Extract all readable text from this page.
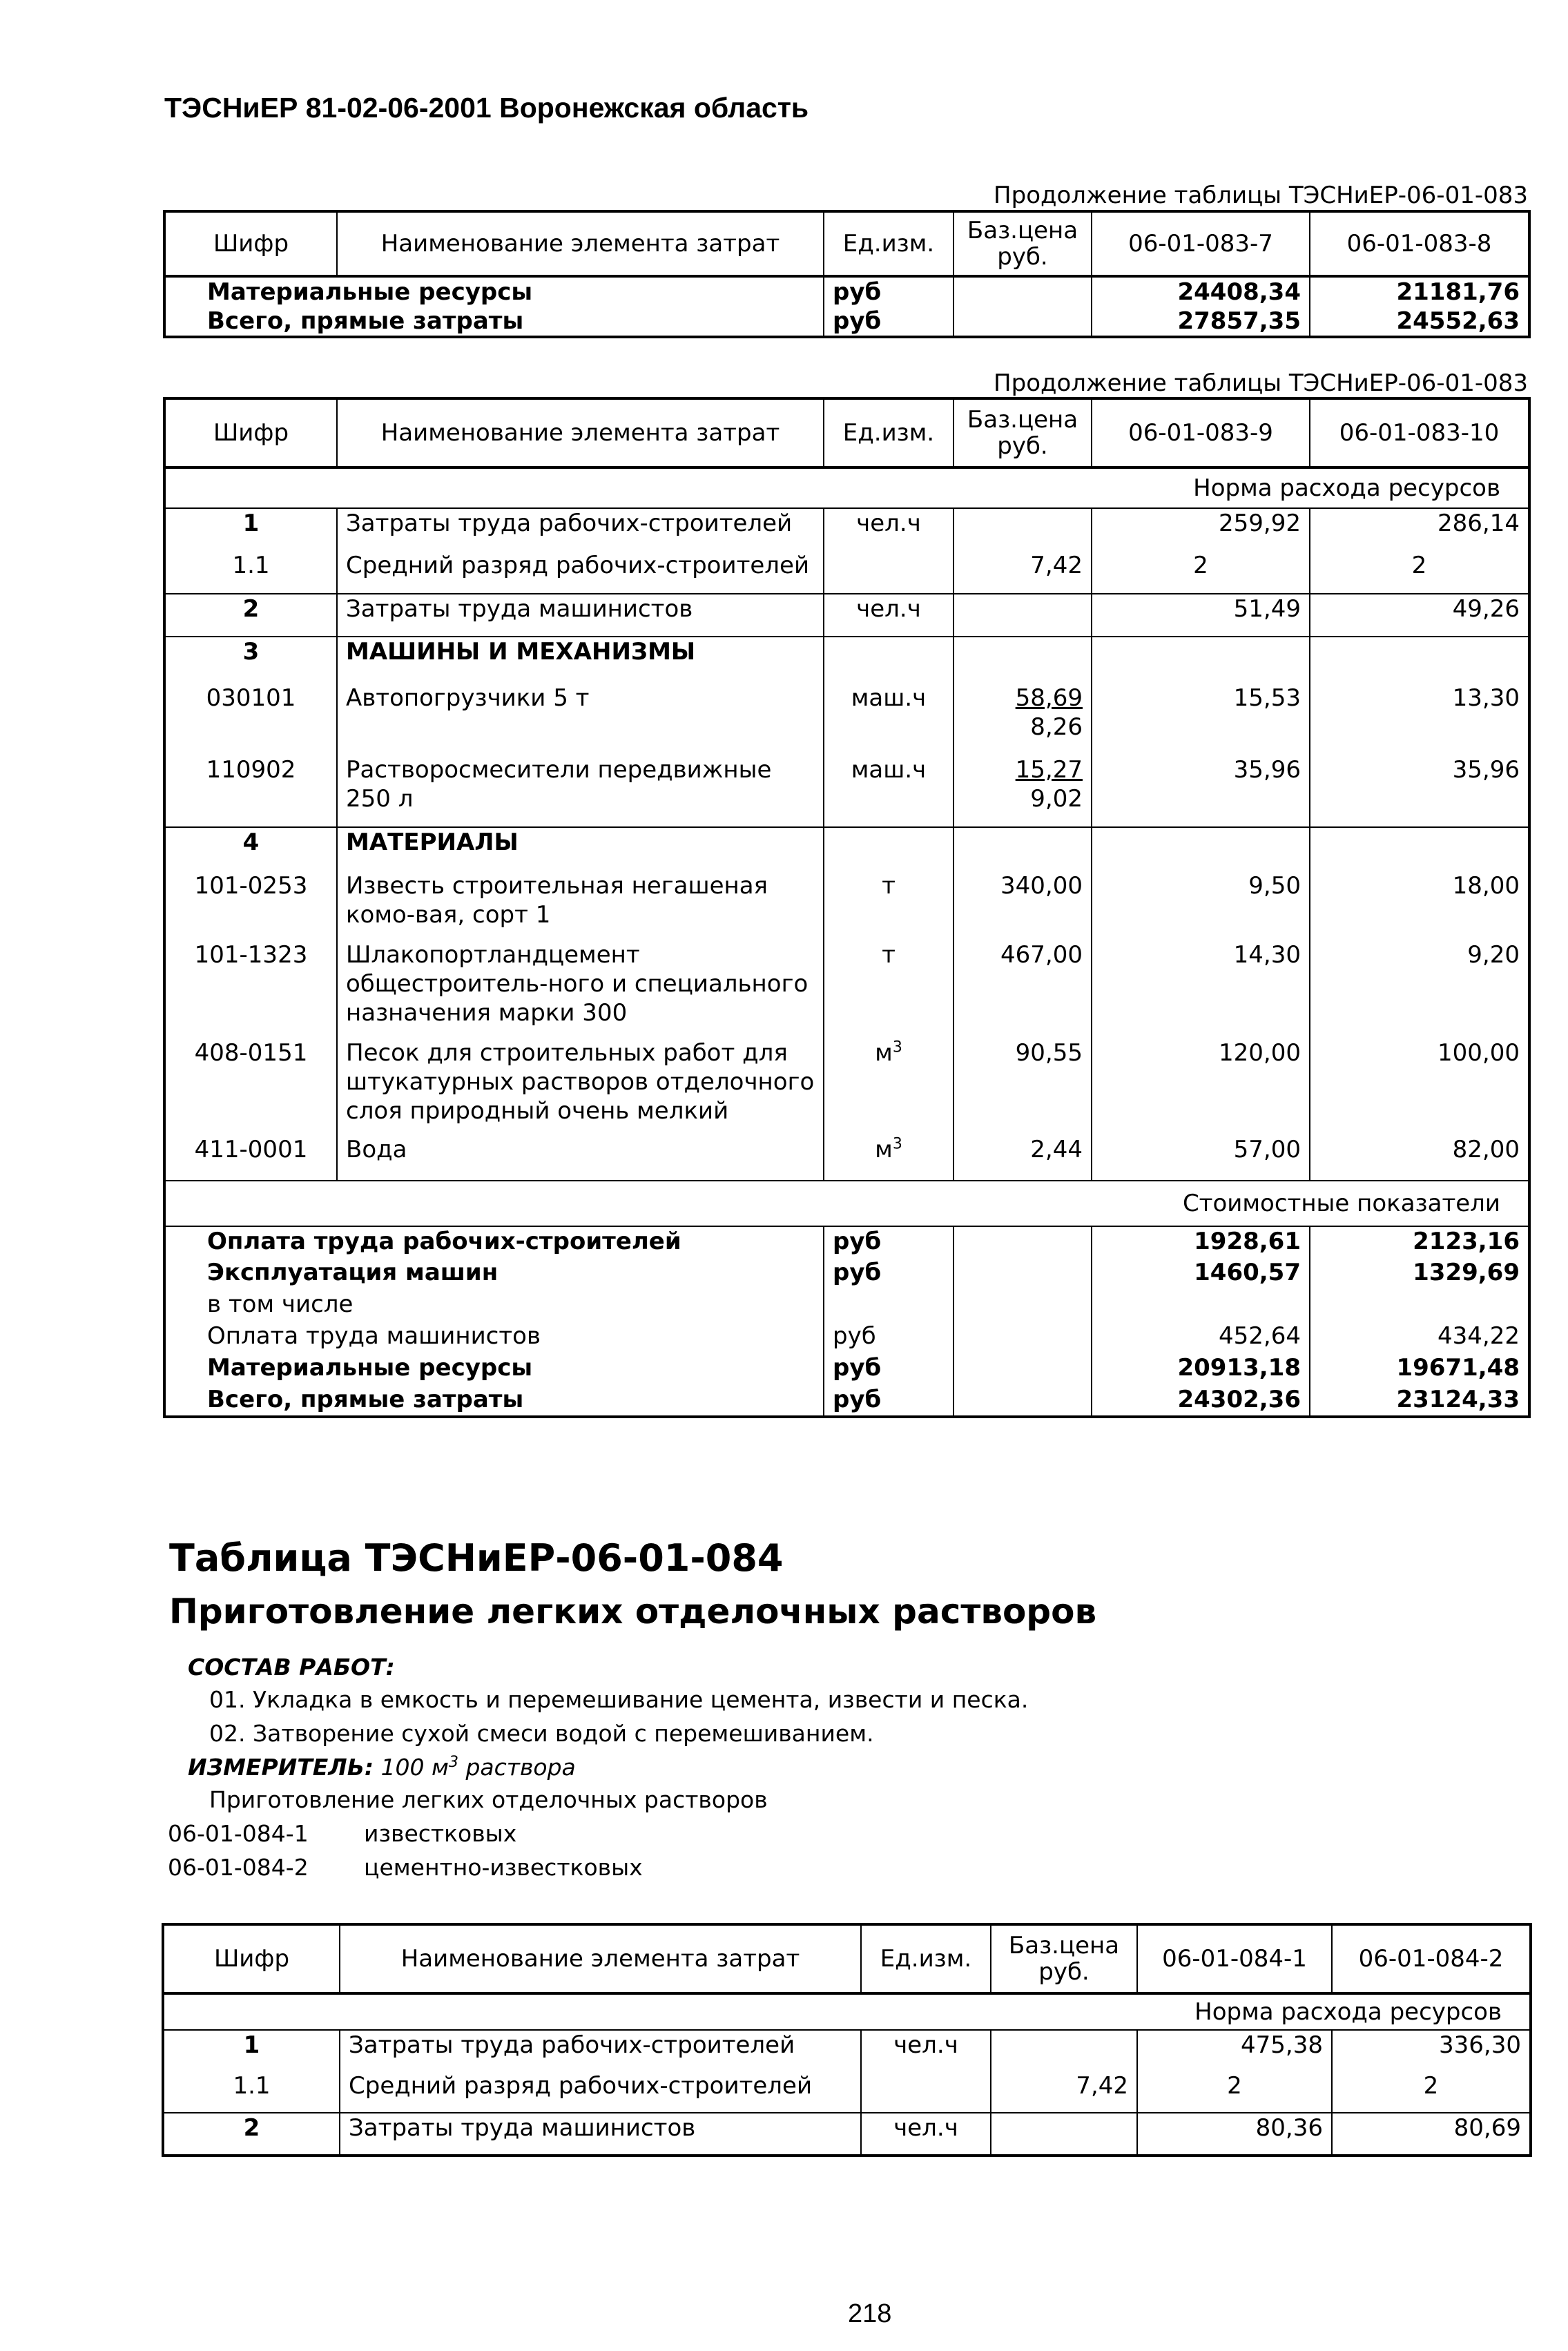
ТЭСНиЕР 81-02-06-2001 Воронежская область
Продолжение таблицы ТЭСНиЕР-06-01-083
Шифр	Наименование элемента затрат	Ед.изм.	Баз.цена руб.	06-01-083-7	06-01-083-8
Материальные ресурсы		руб		24408,34	21181,76
Всего, прямые затраты		руб		27857,35	24552,63
Продолжение таблицы ТЭСНиЕР-06-01-083
Шифр	Наименование элемента затрат	Ед.изм.	Баз.цена руб.	06-01-083-9	06-01-083-10
Норма расхода ресурсов					
1	Затраты труда рабочих-строителей	чел.ч		259,92	286,14
1.1	Средний разряд рабочих-строителей		7,42	2	2
2	Затраты труда машинистов	чел.ч		51,49	49,26
3	МАШИНЫ И МЕХАНИЗМЫ				
030101	Автопогрузчики 5 т	маш.ч	$\frac{58,69}{8,26}$	15,53	13,30
110902	Растворосмесители передвижные 250 л	маш.ч	$\frac{15,27}{9,02}$	35,96	35,96
4	МАТЕРИАЛЫ				
101-0253	Известь строительная негашеная комо-вая, сорт 1	т	340,00	9,50	18,00
101-1323	Шлакопортландцемент общестроитель-ного и специального назначения марки 300	т	467,00	14,30	9,20
408-0151	Песок для строительных работ для штукатурных растворов отделочного слоя природный очень мелкий	$м^3$	90,55	120,00	100,00
411-0001	Вода	$м^3$	2,44	57,00	82,00
Стоимостные показатели					
Оплата труда рабочих-строителей		руб		1928,61	2123,16
Эксплуатация машин		руб		1460,57	1329,69
в том числе					
Оплата труда машинистов		руб		452,64	434,22
Материальные ресурсы		руб		20913,18	19671,48
Всего, прямые затраты		руб		24302,36	23124,33
Таблица ТЭСНиЕР-06-01-084
Приготовление легких отделочных растворов
СОСТАВ РАБОТ:
01. Укладка в емкость и перемешивание цемента, извести и песка.
02. Затворение сухой смеси водой с перемешиванием.
ИЗМЕРИТЕЛЬ: 100 $м^3$ раствора
Приготовление легких отделочных растворов
06-01-084-1 известковых
06-01-084-2 цементно-известковых
Шифр	Наименование элемента затрат	Ед.изм.	Баз.цена руб.	06-01-084-1	06-01-084-2
Норма расхода ресурсов					
1	Затраты труда рабочих-строителей	чел.ч		475,38	336,30
1.1	Средний разряд рабочих-строителей		7,42	2	2
2	Затраты труда машинистов	чел.ч		80,36	80,69
218
